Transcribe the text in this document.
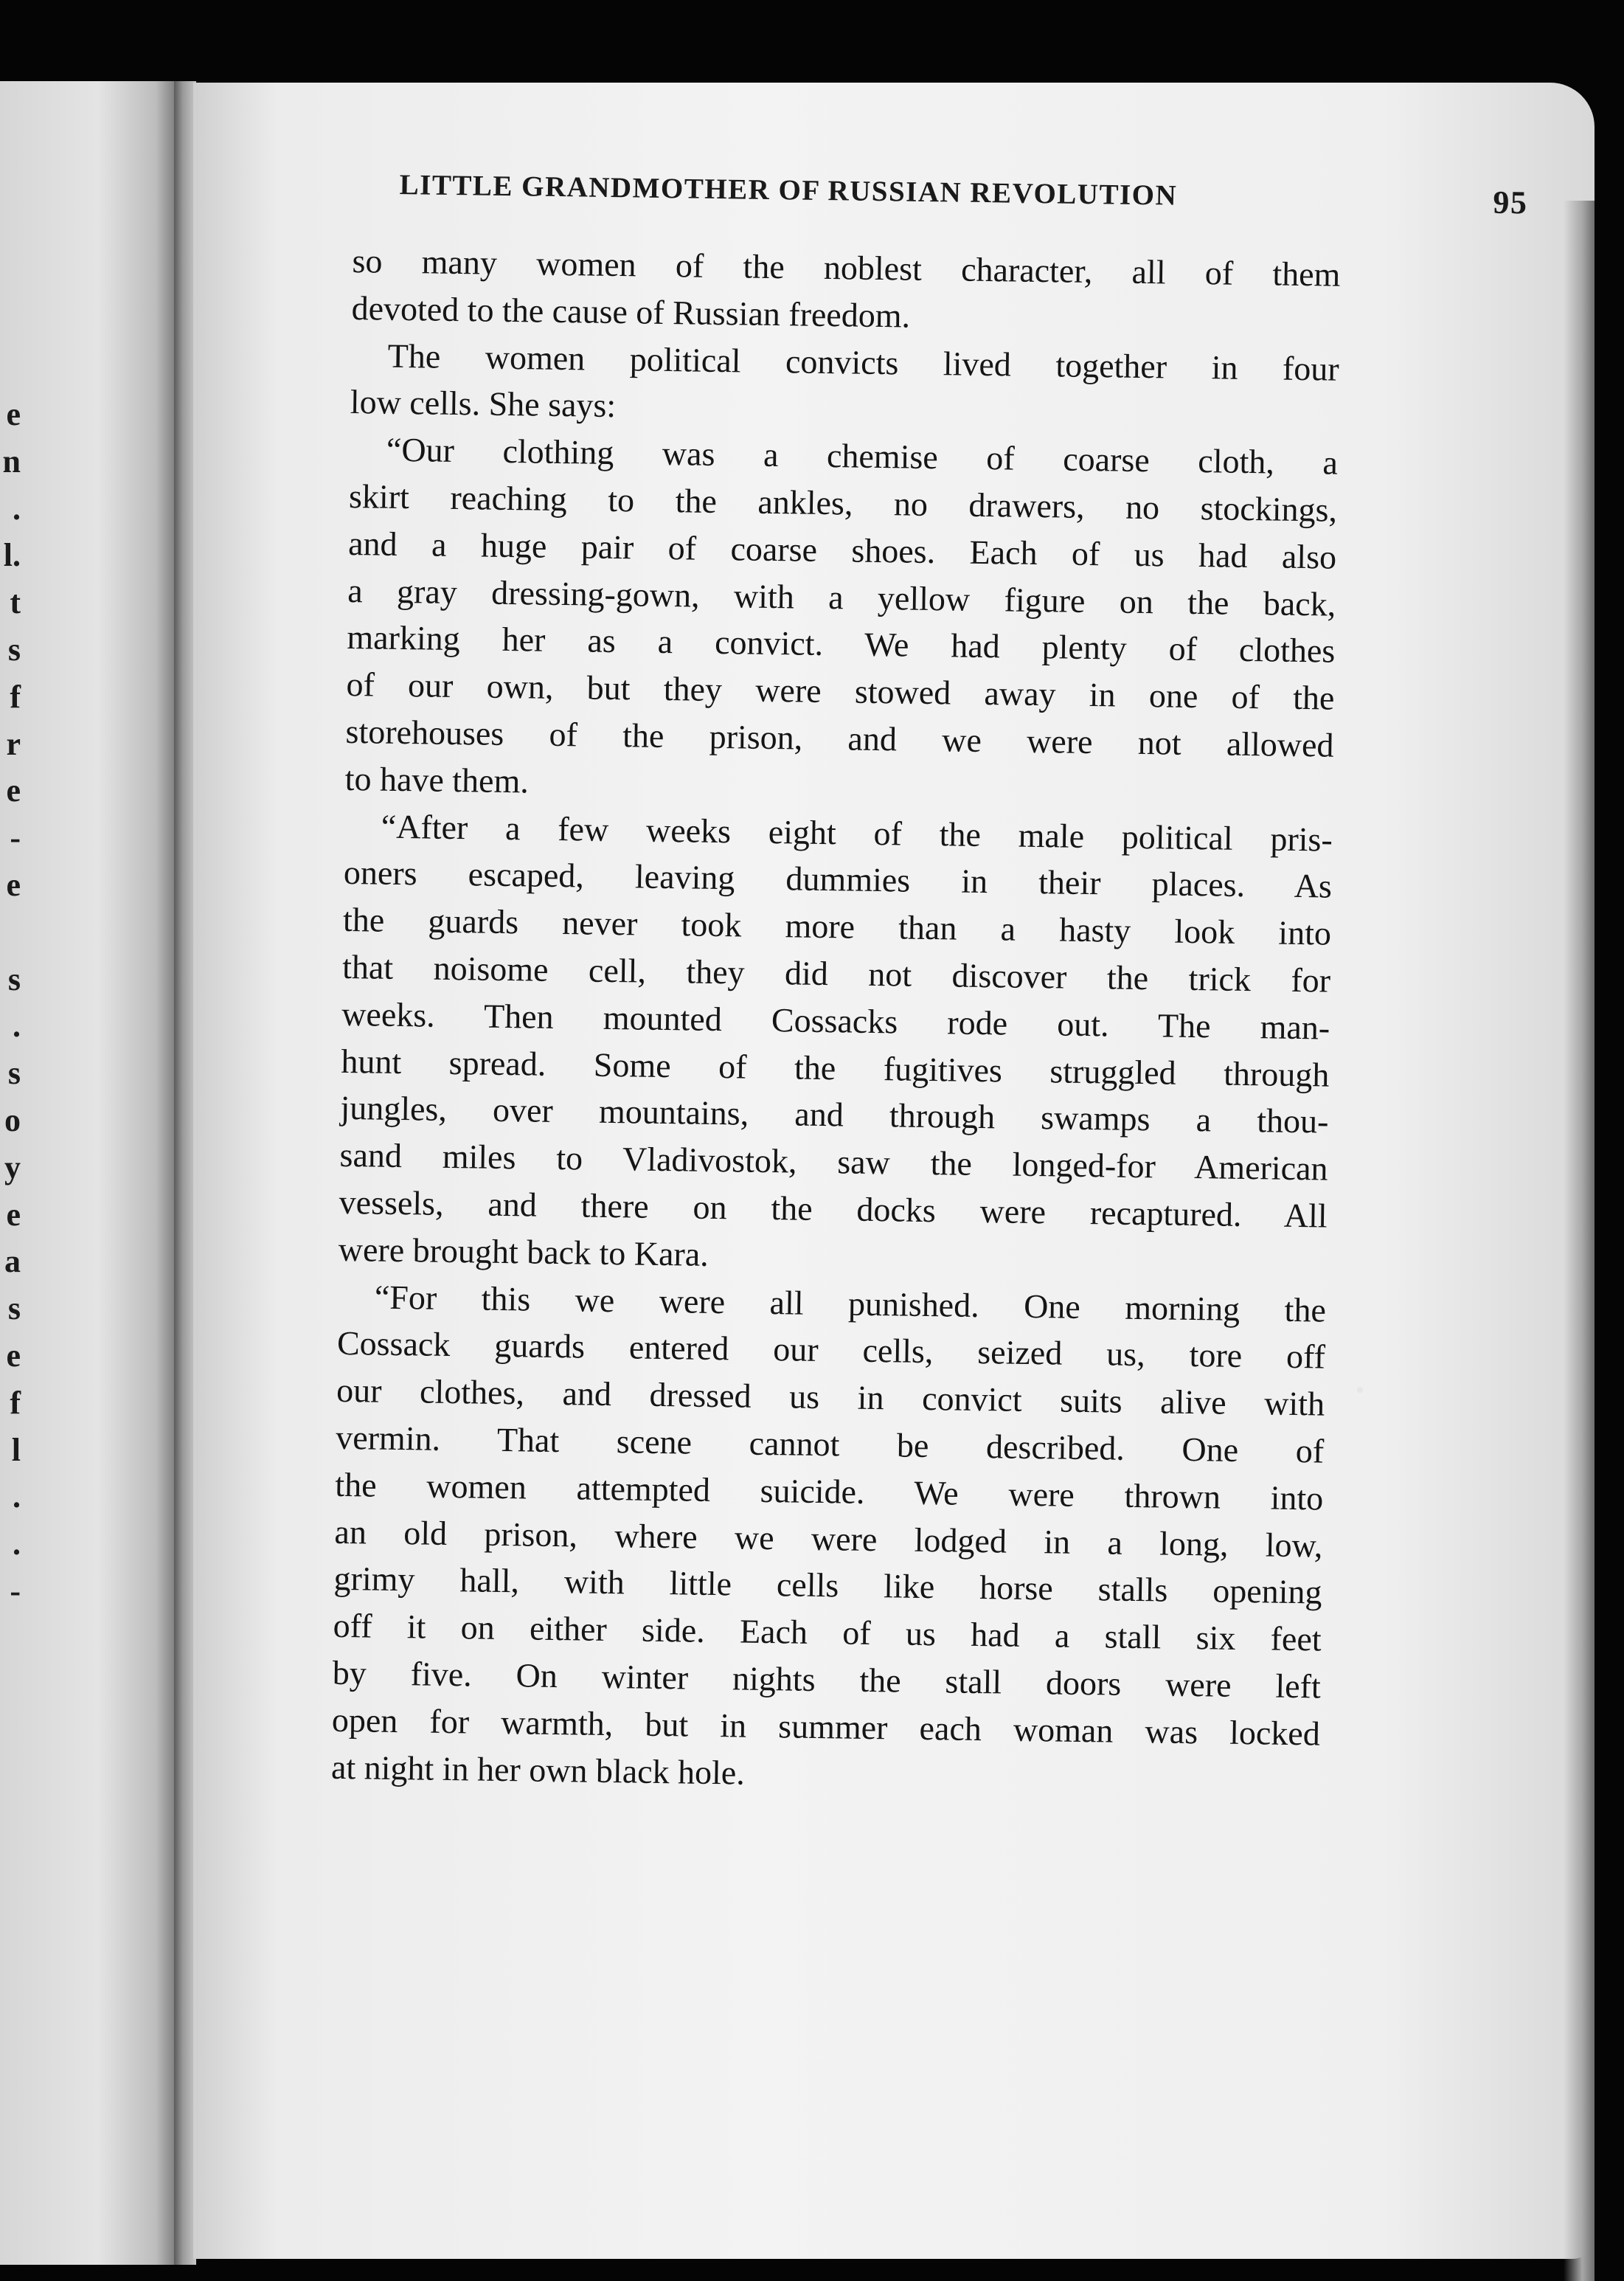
e
n
.
l.
t
s
f
r
e
-
e
s
.
s
o
y
e
a
s
e
f
l
.
.
-
LITTLE GRANDMOTHER OF RUSSIAN REVOLUTION	95
so many women of the noblest character, all of them
devoted to the cause of Russian freedom.
The women political convicts lived together in four
low cells. She says:
“Our clothing was a chemise of coarse cloth, a
skirt reaching to the ankles, no drawers, no stockings,
and a huge pair of coarse shoes. Each of us had also
a gray dressing-gown, with a yellow figure on the back,
marking her as a convict. We had plenty of clothes
of our own, but they were stowed away in one of the
storehouses of the prison, and we were not allowed
to have them.
“After a few weeks eight of the male political pris-
oners escaped, leaving dummies in their places. As
the guards never took more than a hasty look into
that noisome cell, they did not discover the trick for
weeks. Then mounted Cossacks rode out. The man-
hunt spread. Some of the fugitives struggled through
jungles, over mountains, and through swamps a thou-
sand miles to Vladivostok, saw the longed-for American
vessels, and there on the docks were recaptured. All
were brought back to Kara.
“For this we were all punished. One morning the
Cossack guards entered our cells, seized us, tore off
our clothes, and dressed us in convict suits alive with
vermin. That scene cannot be described. One of
the women attempted suicide. We were thrown into
an old prison, where we were lodged in a long, low,
grimy hall, with little cells like horse stalls opening
off it on either side. Each of us had a stall six feet
by five. On winter nights the stall doors were left
open for warmth, but in summer each woman was locked
at night in her own black hole.
